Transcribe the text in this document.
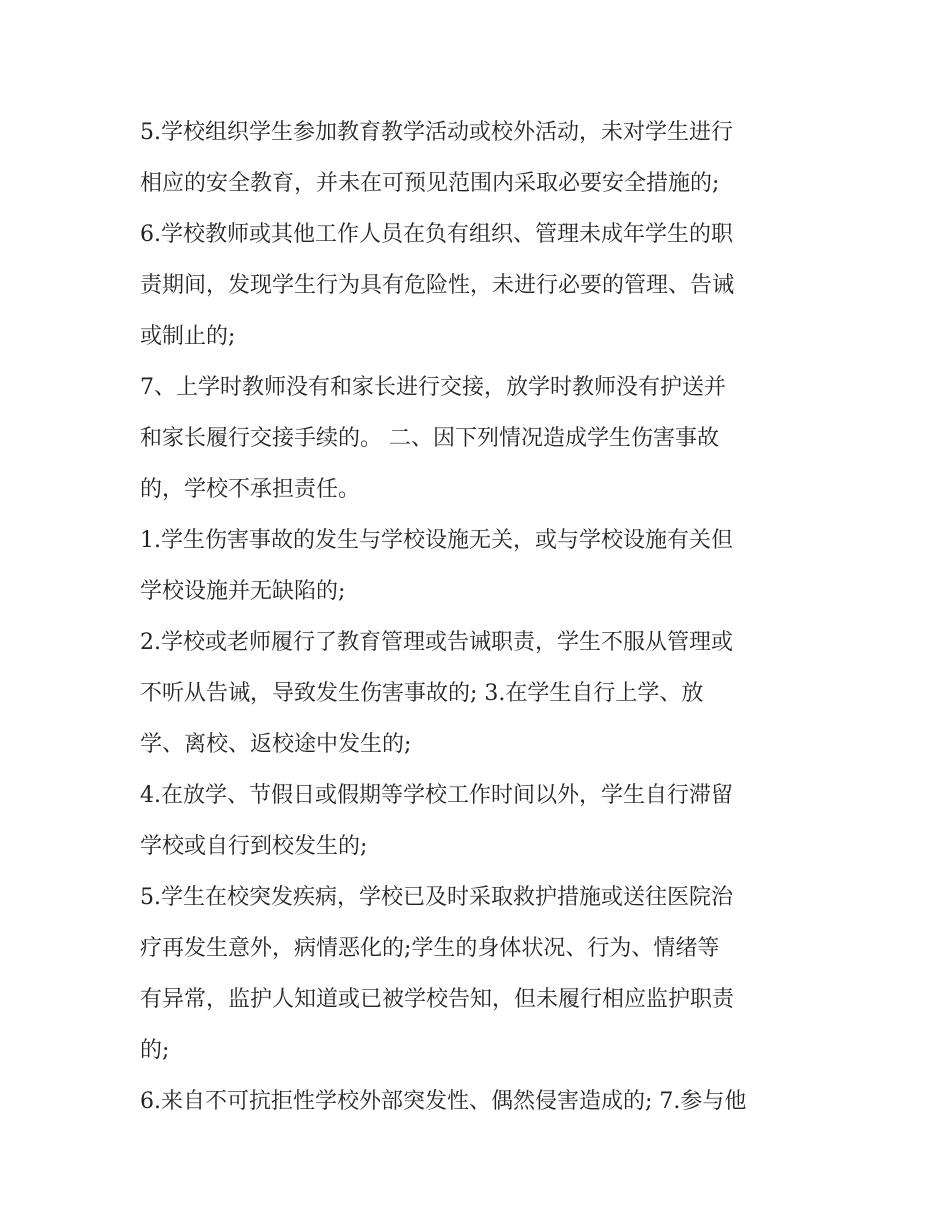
5.学校组织学生参加教育教学活动或校外活动，未对学生进行
相应的安全教育，并未在可预见范围内采取必要安全措施的;
6.学校教师或其他工作人员在负有组织、管理未成年学生的职
责期间，发现学生行为具有危险性，未进行必要的管理、告诫
或制止的;
7、上学时教师没有和家长进行交接，放学时教师没有护送并
和家长履行交接手续的。 二、因下列情况造成学生伤害事故
的，学校不承担责任。
1.学生伤害事故的发生与学校设施无关，或与学校设施有关但
学校设施并无缺陷的;
2.学校或老师履行了教育管理或告诫职责，学生不服从管理或
不听从告诫，导致发生伤害事故的; 3.在学生自行上学、放
学、离校、返校途中发生的;
4.在放学、节假日或假期等学校工作时间以外，学生自行滞留
学校或自行到校发生的;
5.学生在校突发疾病，学校已及时采取救护措施或送往医院治
疗再发生意外，病情恶化的;学生的身体状况、行为、情绪等
有异常，监护人知道或已被学校告知，但未履行相应监护职责
的;
6.来自不可抗拒性学校外部突发性、偶然侵害造成的; 7.参与他
